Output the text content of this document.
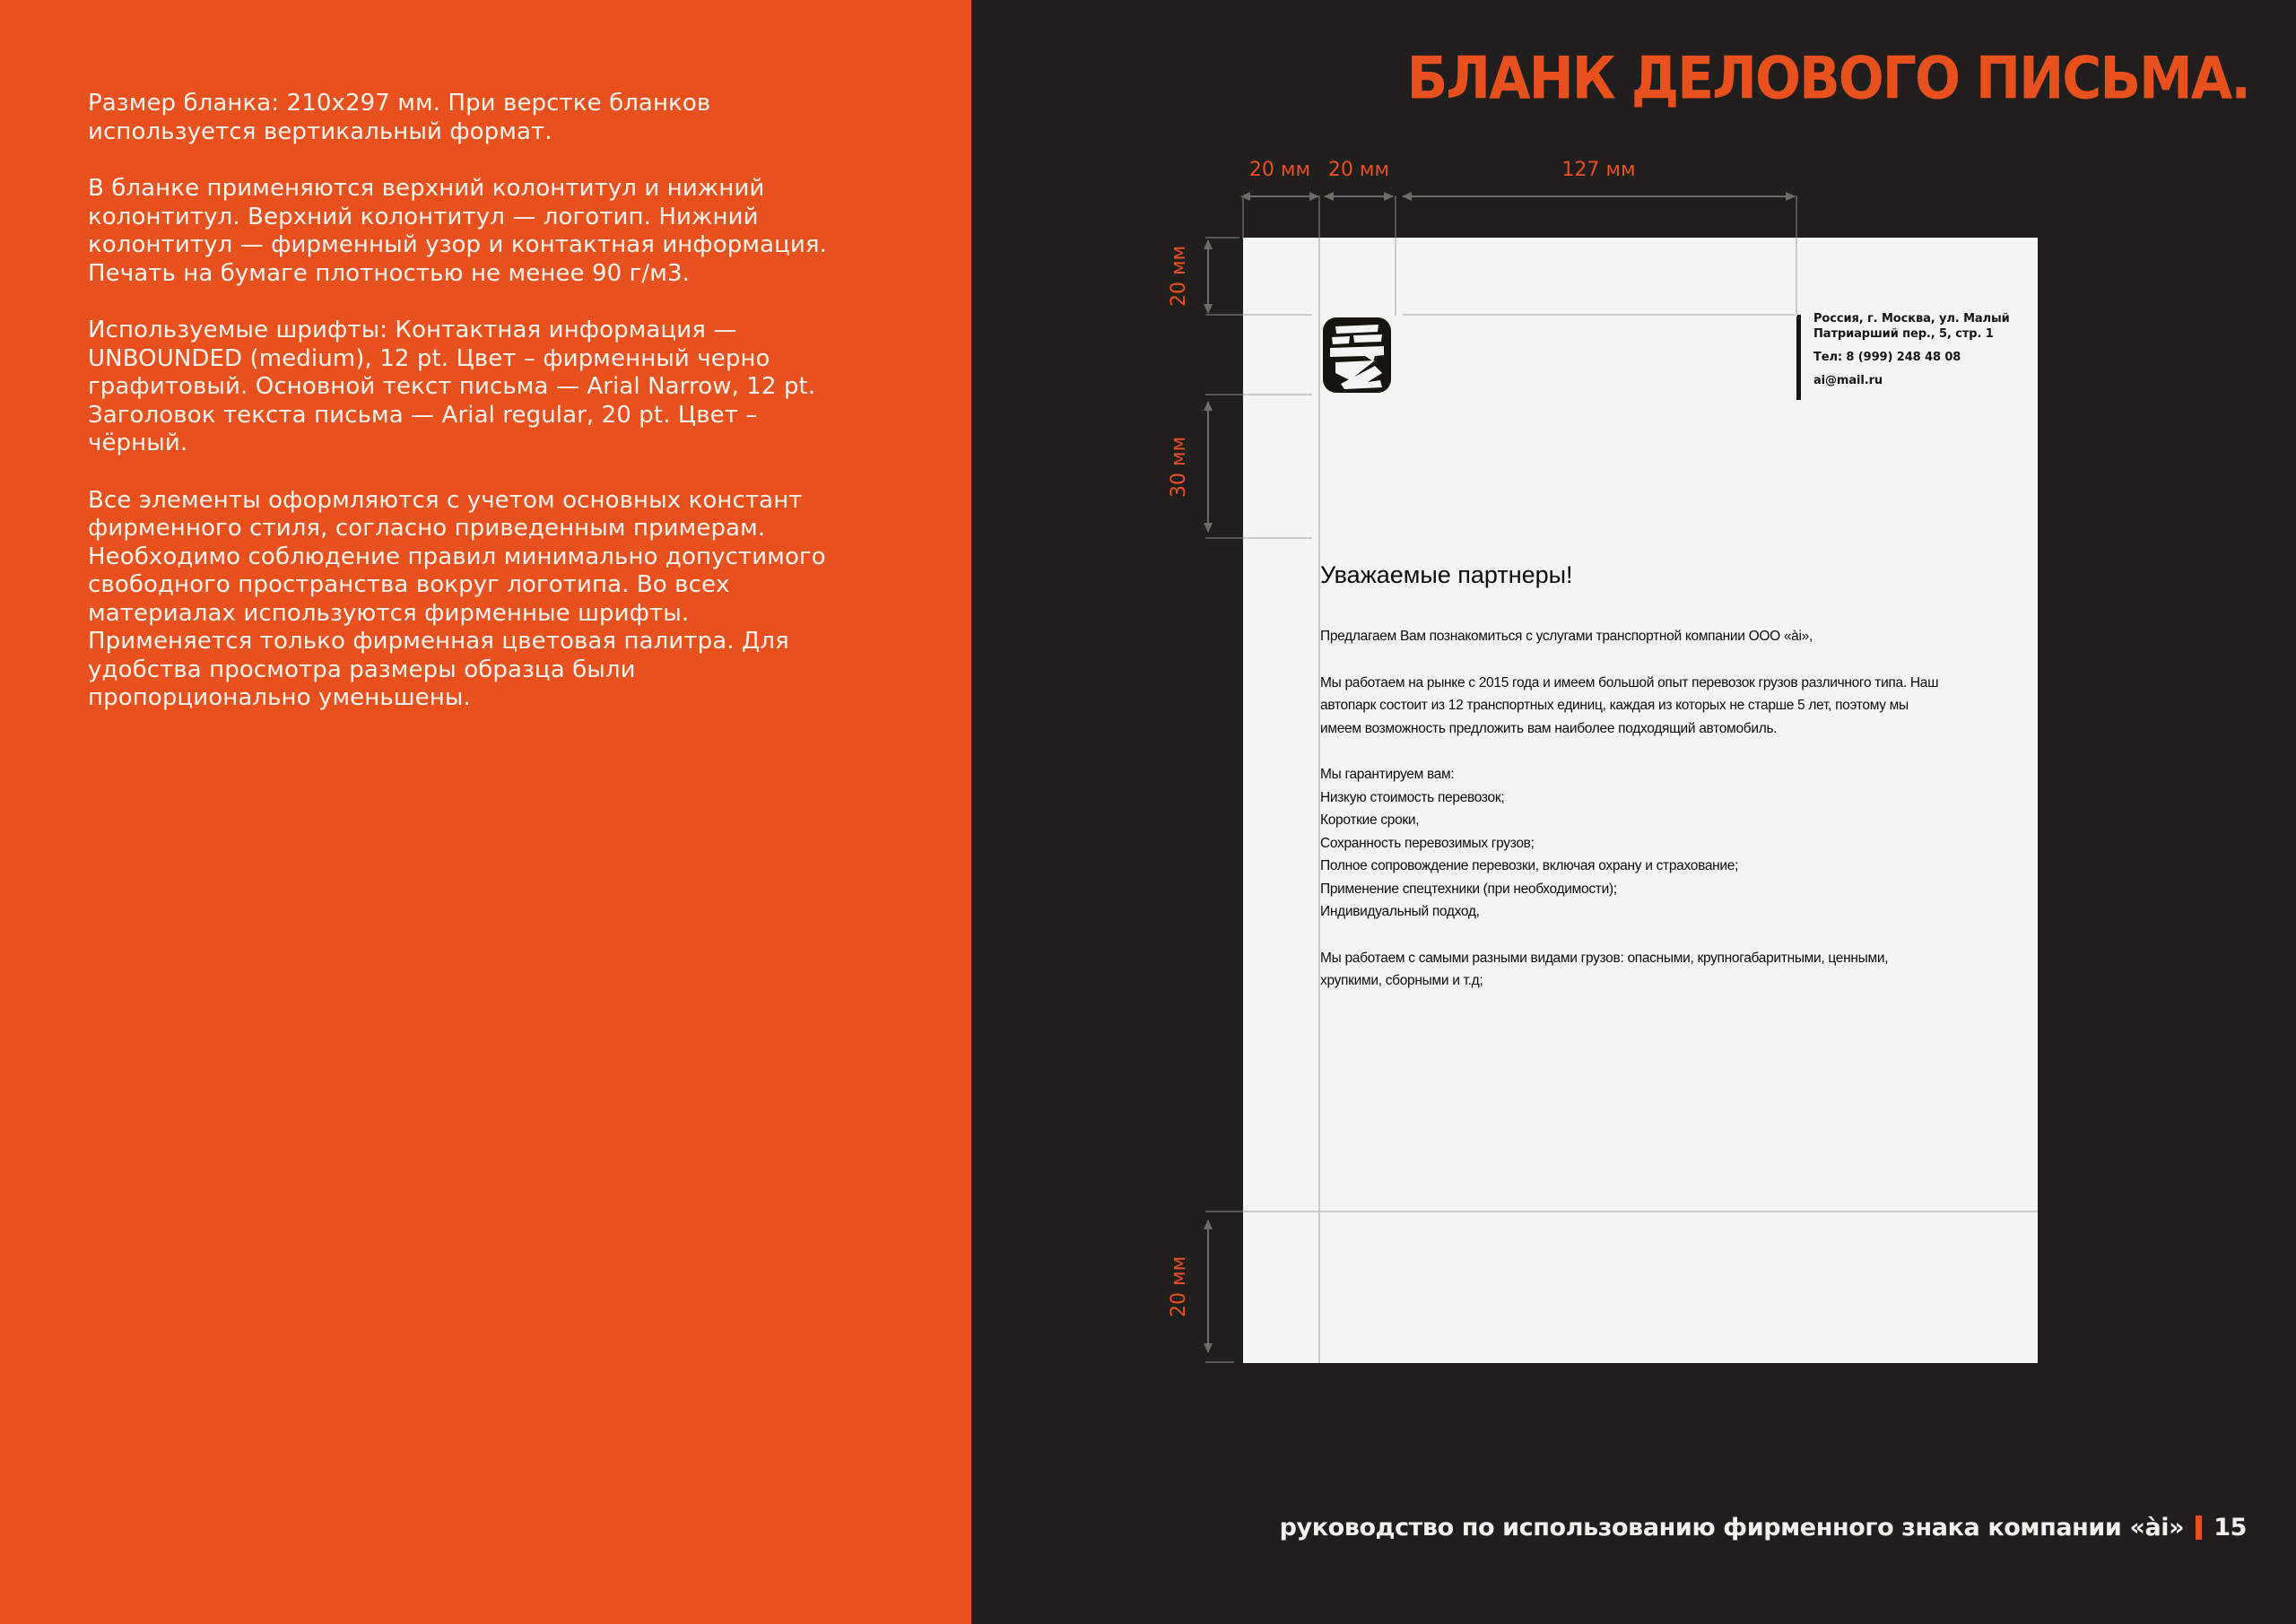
Размер бланка: 210х297 мм. При верстке бланков используется вертикальный формат.

В бланке применяются верхний колонтитул и нижний колонтитул. Верхний колонтитул — логотип. Нижний колонтитул — фирменный узор и контактная информация. Печать на бумаге плотностью не менее 90 г/м3.

Используемые шрифты: Контактная информация — UNBOUNDED (medium), 12 pt. Цвет – фирменный черно графитовый. Основной текст письма — Arial Narrow, 12 pt. Заголовок текста письма — Arial regular, 20 pt. Цвет – чёрный.

Все элементы оформляются с учетом основных констант фирменного стиля, согласно приведенным примерам. Необходимо соблюдение правил минимально допустимого свободного пространства вокруг логотипа. Во всех материалах используются фирменные шрифты. Применяется только фирменная цветовая палитра. Для удобства просмотра размеры образца были пропорционально уменьшены.

БЛАНК ДЕЛОВОГО ПИСЬМА.
Россия, г. Москва, ул. Малый
Патриарший пер., 5, стр. 1
Тел: 8 (999) 248 48 08
ai@mail.ru
Уважаемые партнеры!

Предлагаем Вам познакомиться с услугами транспортной компании ООО «ài»,

Мы работаем на рынке с 2015 года и имеем большой опыт перевозок грузов различного типа. Наш автопарк состоит из 12 транспортных единиц, каждая из которых не старше 5 лет, поэтому мы имеем возможность предложить вам наиболее подходящий автомобиль.

Мы гарантируем вам:
Низкую стоимость перевозок;
Короткие сроки,
Сохранность перевозимых грузов;
Полное сопровождение перевозки, включая охрану и страхование;
Применение спецтехники (при необходимости);
Индивидуальный подход,

Мы работаем с самыми разными видами грузов: опасными, крупногабаритными, ценными, хрупкими, сборными и т.д;

20 мм 20 мм	127 мм
20 мм
30 мм
20 мм
руководство по использованию фирменного знака компании «ài» 15
